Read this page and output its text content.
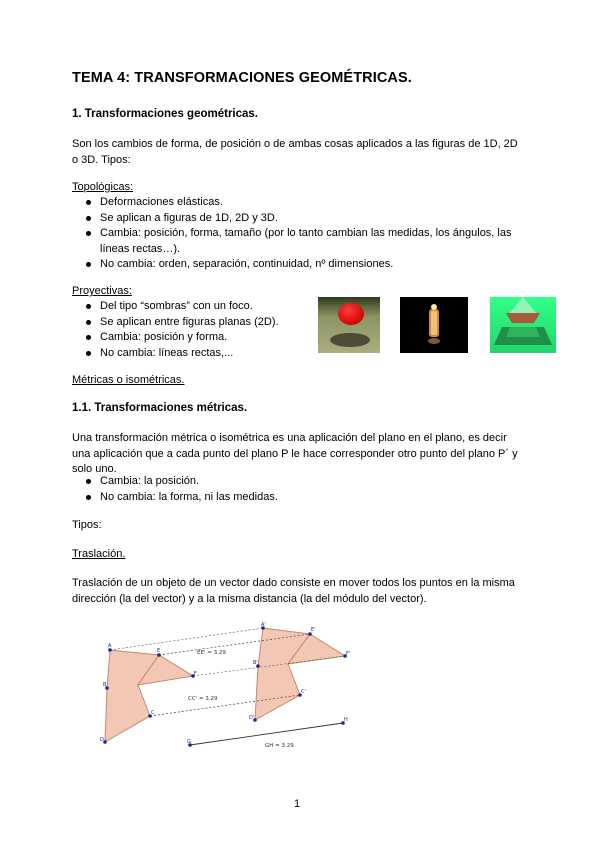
TEMA 4: TRANSFORMACIONES GEOMÉTRICAS.
1. Transformaciones geométricas.
Son los cambios de forma, de posición o de ambas cosas aplicados a las figuras de 1D, 2D
o 3D. Tipos:
Topológicas:
Deformaciones elásticas.
Se aplican a figuras de 1D, 2D y 3D.
Cambia: posición, forma, tamaño (por lo tanto cambian las medidas, los ángulos, las
líneas rectas…).
No cambia: orden, separación, continuidad, nº dimensiones.
Proyectivas:
Del tipo “sombras” con un foco.
Se aplican entre figuras planas (2D).
Cambia: posición y forma.
No cambia: líneas rectas,...
Métricas o isométricas.
1.1. Transformaciones métricas.
Una transformación métrica o isométrica es una aplicación del plano en el plano, es decir
una aplicación que a cada punto del plano P le hace corresponder otro punto del plano P´ y
solo uno.
Cambia: la posición.
No cambia: la forma, ni las medidas.
Tipos:
Traslación.
Traslación de un objeto de un vector dado consiste en mover todos los puntos en la misma
dirección (la del vector) y a la misma distancia (la del módulo del vector).
A
E
B
F
C
D
A'
E'
B'
F'
C'
D'
G
H
EE' = 3.29
CC' = 3.29
GH = 3.29
1
